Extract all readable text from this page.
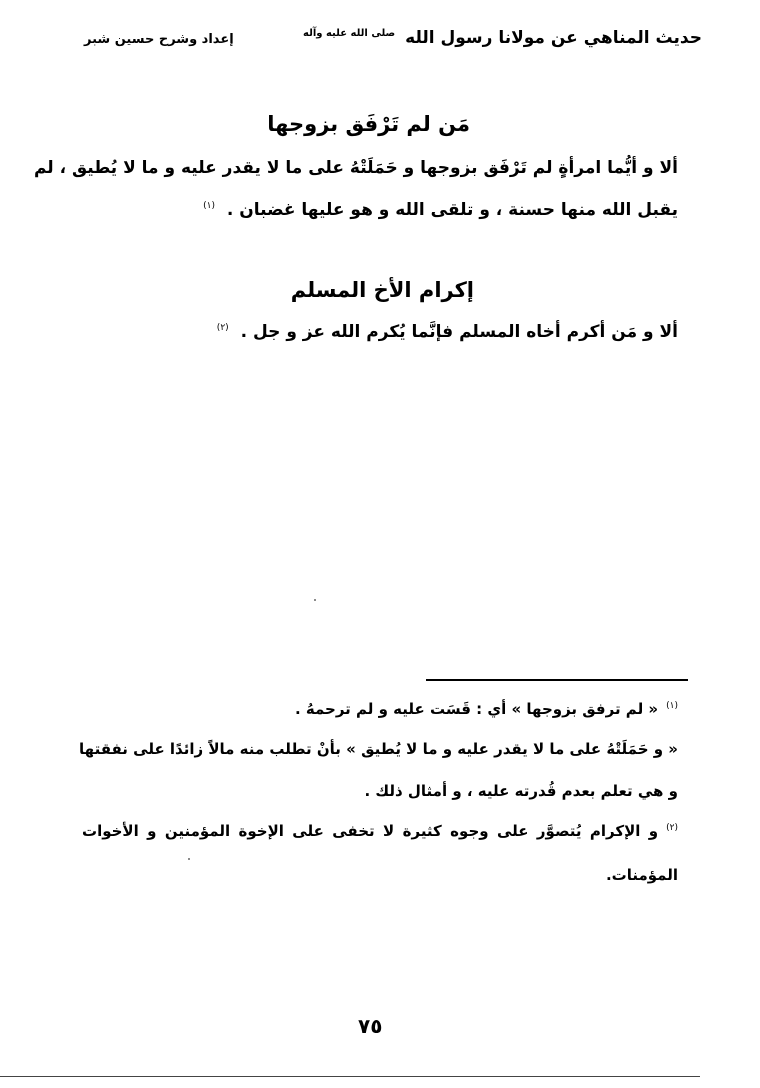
حديث المناهي عن مولانا رسول الله $^{صلى الله عليه وآله}$
إعداد وشرح حسين شبر
مَن لم تَرْفَق بزوجها
ألا و أيُّما امرأةٍ لم تَرْفَق بزوجها و حَمَلَتْهُ على ما لا يقدر عليه و ما لا يُطيق ، لم
يقبل الله منها حسنة ، و تلقى الله و هو عليها غضبان . $^{(١)}$
إكرام الأخ المسلم
ألا و مَن أكرم أخاه المسلم فإنَّما يُكرم الله عز و جل . $^{(٢)}$
$^{(١)}$« لم ترفق بزوجها » أي : قَسَت عليه و لم ترحمهُ .
« و حَمَلَتْهُ على ما لا يقدر عليه و ما لا يُطيق » بأنْ تطلب منه مالاً زائدًا على نفقتها
و هي تعلم بعدم قُدرته عليه ، و أمثال ذلك .
$^{(٢)}$و الإكرام يُتصوَّر على وجوه كثيرة لا تخفى على الإخوة المؤمنين و الأخوات
المؤمنات.
٧٥
